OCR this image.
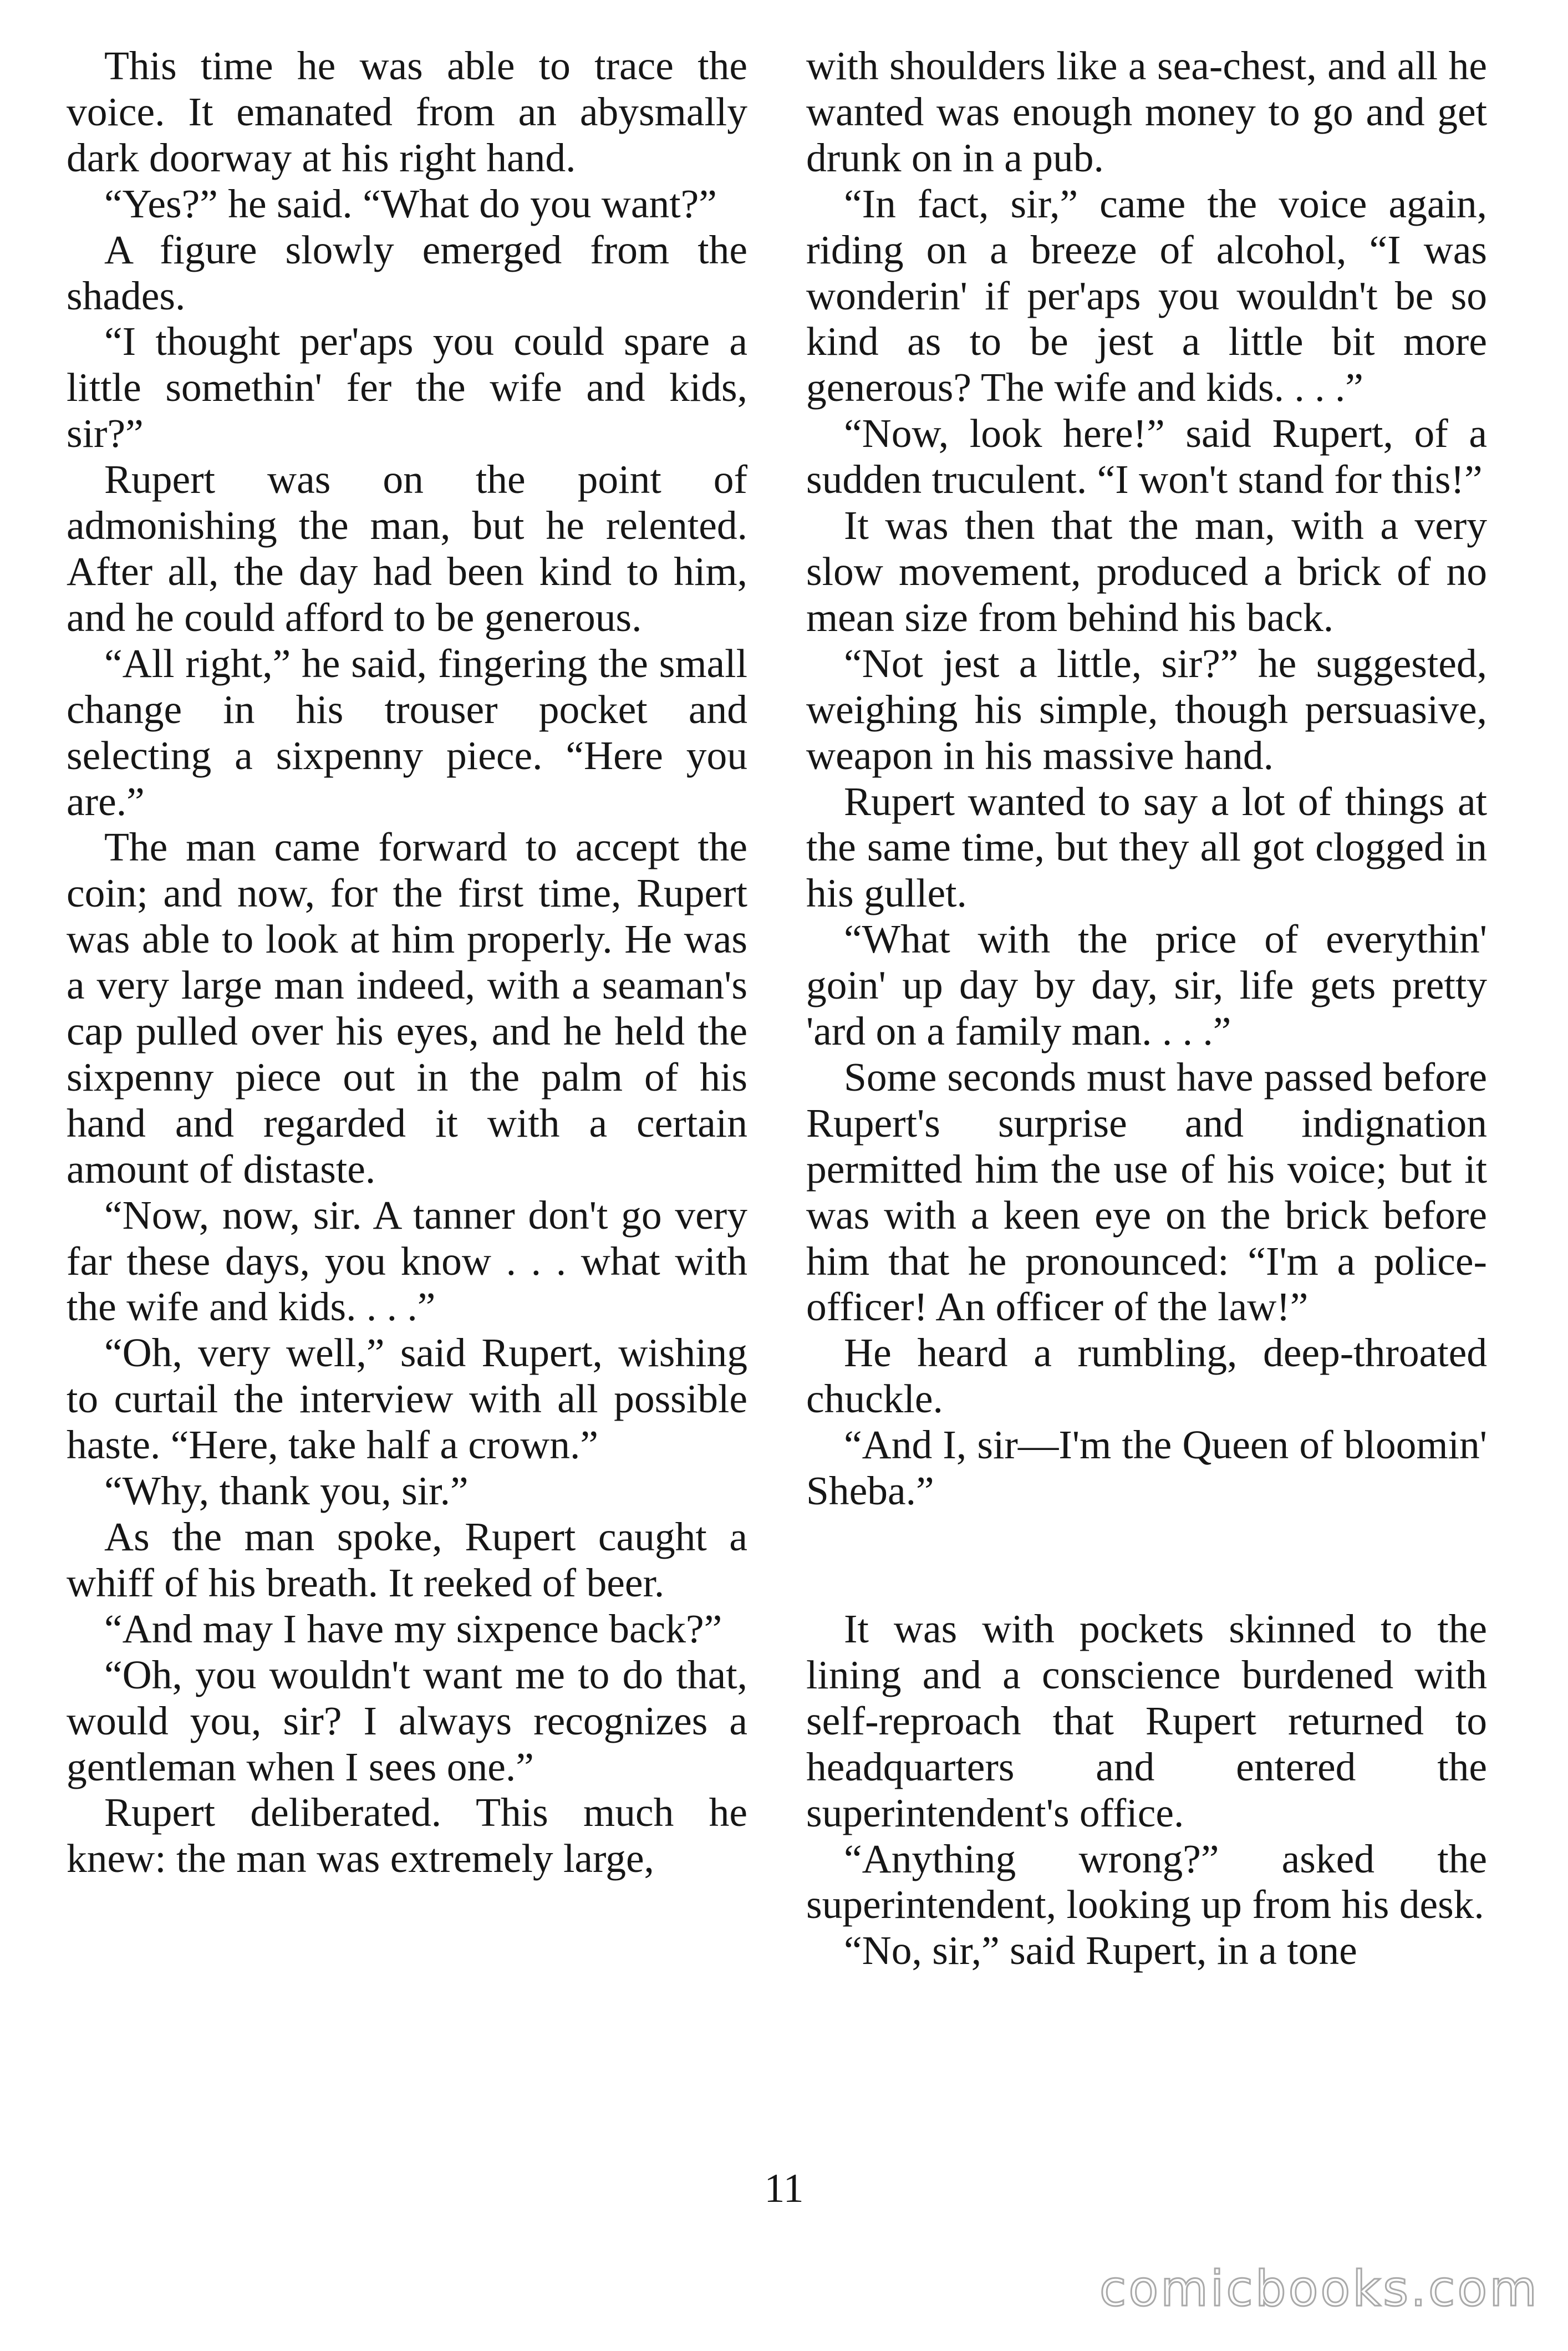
This time he was able to trace the voice. It emanated from an abysmally dark doorway at his right hand.

“Yes?” he said. “What do you want?”

A figure slowly emerged from the shades.

“I thought per'aps you could spare a little somethin' fer the wife and kids, sir?”

Rupert was on the point of admonishing the man, but he relented. After all, the day had been kind to him, and he could afford to be generous.

“All right,” he said, fingering the small change in his trouser pocket and selecting a sixpenny piece. “Here you are.”

The man came forward to accept the coin; and now, for the first time, Rupert was able to look at him properly. He was a very large man indeed, with a seaman's cap pulled over his eyes, and he held the sixpenny piece out in the palm of his hand and regarded it with a certain amount of distaste.

“Now, now, sir. A tanner don't go very far these days, you know . . . what with the wife and kids. . . .”

“Oh, very well,” said Rupert, wishing to curtail the interview with all possible haste. “Here, take half a crown.”

“Why, thank you, sir.”

As the man spoke, Rupert caught a whiff of his breath. It reeked of beer.

“And may I have my sixpence back?”

“Oh, you wouldn't want me to do that, would you, sir? I always recognizes a gentleman when I sees one.”

Rupert deliberated. This much he knew: the man was extremely large,

with shoulders like a sea-chest, and all he wanted was enough money to go and get drunk on in a pub.

“In fact, sir,” came the voice again, riding on a breeze of alcohol, “I was wonderin' if per'aps you wouldn't be so kind as to be jest a little bit more generous? The wife and kids. . . .”

“Now, look here!” said Rupert, of a sudden truculent. “I won't stand for this!”

It was then that the man, with a very slow movement, produced a brick of no mean size from behind his back.

“Not jest a little, sir?” he suggested, weighing his simple, though persuasive, weapon in his massive hand.

Rupert wanted to say a lot of things at the same time, but they all got clogged in his gullet.

“What with the price of everythin' goin' up day by day, sir, life gets pretty 'ard on a family man. . . .”

Some seconds must have passed before Rupert's surprise and indignation permitted him the use of his voice; but it was with a keen eye on the brick before him that he pronounced: “I'm a police-officer! An officer of the law!”

He heard a rumbling, deep-throated chuckle.

“And I, sir—I'm the Queen of bloomin' Sheba.”

It was with pockets skinned to the lining and a conscience burdened with self-reproach that Rupert returned to headquarters and entered the superintendent's office.

“Anything wrong?” asked the superintendent, looking up from his desk.

“No, sir,” said Rupert, in a tone

11
comicbooks.com
